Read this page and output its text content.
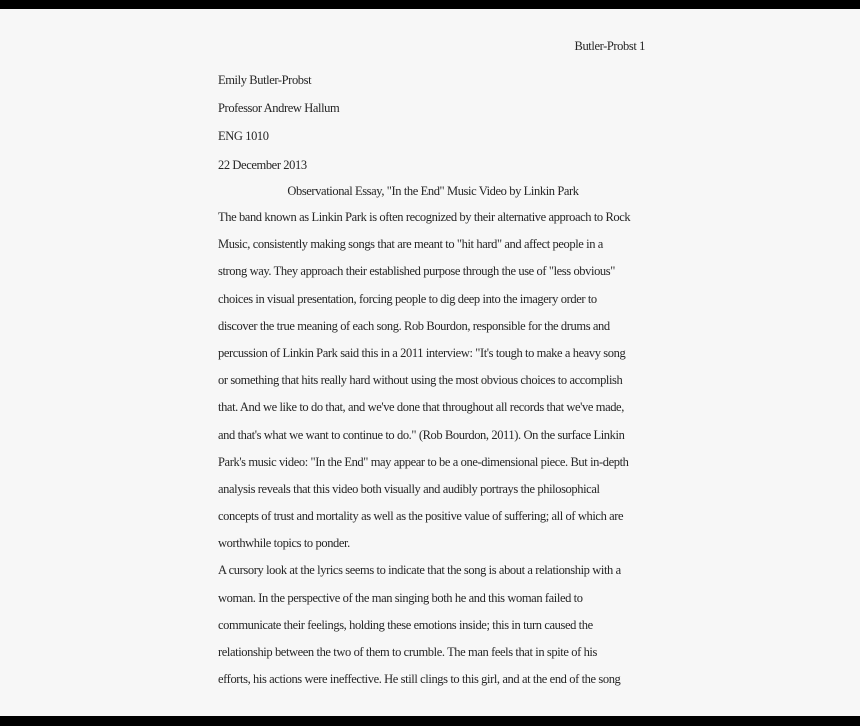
Butler-Probst 1
Emily Butler-Probst
Professor Andrew Hallum
ENG 1010
22 December 2013
Observational Essay, "In the End" Music Video by Linkin Park
The band known as Linkin Park is often recognized by their alternative approach to Rock
Music, consistently making songs that are meant to "hit hard" and affect people in a
strong way. They approach their established purpose through the use of "less obvious"
choices in visual presentation, forcing people to dig deep into the imagery order to
discover the true meaning of each song. Rob Bourdon, responsible for the drums and
percussion of Linkin Park said this in a 2011 interview: "It's tough to make a heavy song
or something that hits really hard without using the most obvious choices to accomplish
that. And we like to do that, and we've done that throughout all records that we've made,
and that's what we want to continue to do." (Rob Bourdon, 2011). On the surface Linkin
Park's music video: "In the End" may appear to be a one-dimensional piece. But in-depth
analysis reveals that this video both visually and audibly portrays the philosophical
concepts of trust and mortality as well as the positive value of suffering; all of which are
worthwhile topics to ponder.
A cursory look at the lyrics seems to indicate that the song is about a relationship with a
woman. In the perspective of the man singing both he and this woman failed to
communicate their feelings, holding these emotions inside; this in turn caused the
relationship between the two of them to crumble. The man feels that in spite of his
efforts, his actions were ineffective. He still clings to this girl, and at the end of the song
